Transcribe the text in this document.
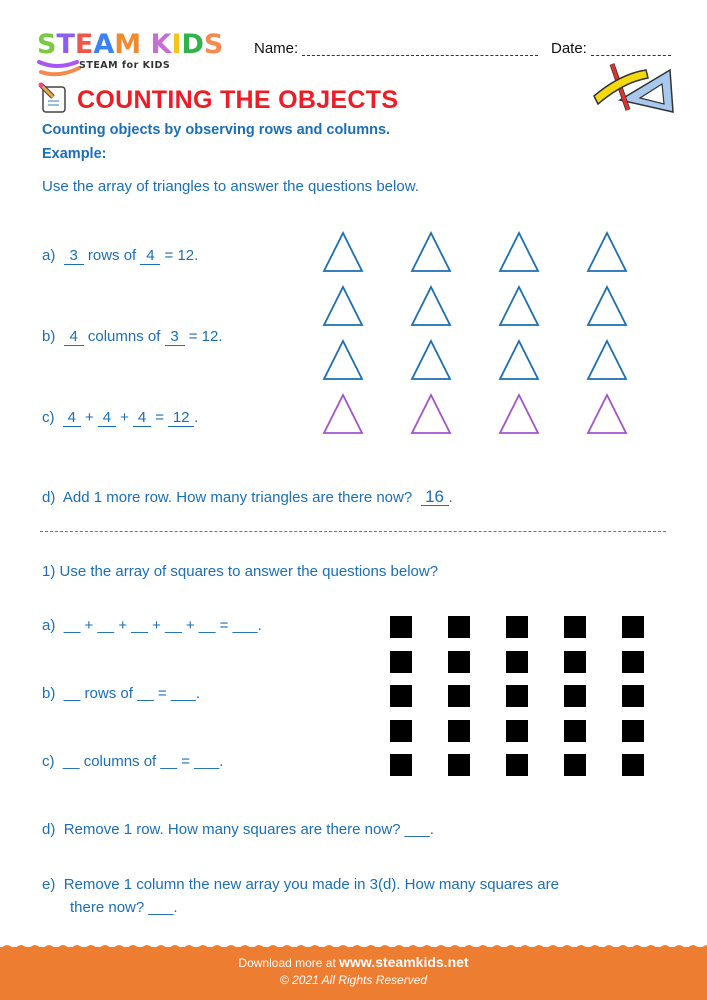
STEAM KIDS
STEAM for KIDS
Name:	Date:
COUNTING THE OBJECTS
Counting objects by observing rows and columns.
Example:
Use the array of triangles to answer the questions below.
a) 3 rows of 4 = 12.
b) 4 columns of 3 = 12.
c) 4 + 4 + 4 = 12 .
d) Add 1 more row. How many triangles are there now? 16 .
1) Use the array of squares to answer the questions below?
a) __ + __ + __ + __ + __ = ___.
b) __ rows of __ = ___.
c) __ columns of __ = ___.
d) Remove 1 row. How many squares are there now? ___.
e) Remove 1 column the new array you made in 3(d). How many squares are
there now? ___.
Download more at www.steamkids.net
© 2021 All Rights Reserved
